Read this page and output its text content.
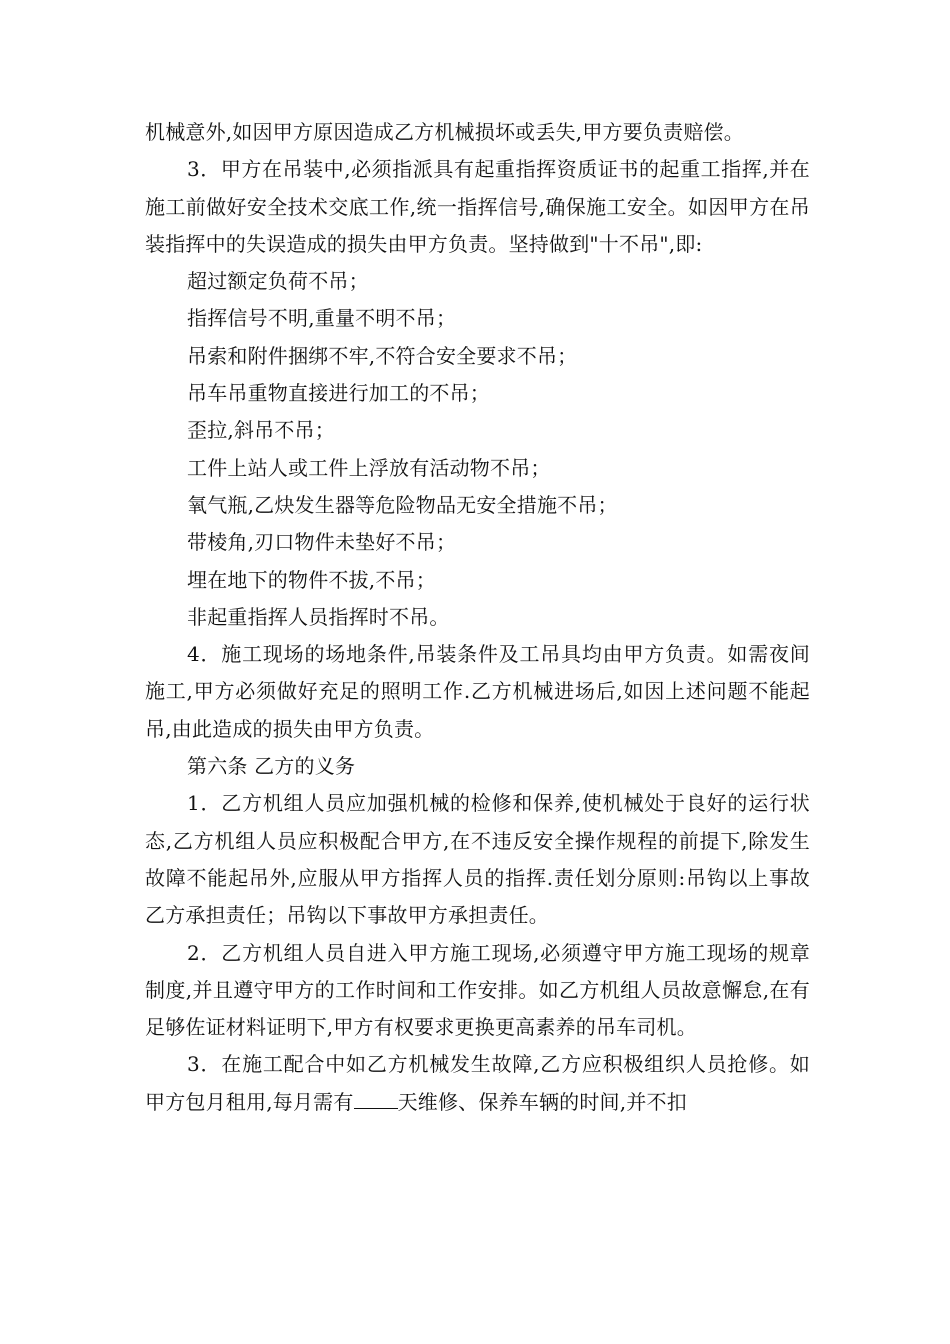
机械意外,如因甲方原因造成乙方机械损坏或丢失,甲方要负责赔偿。

3．甲方在吊装中,必须指派具有起重指挥资质证书的起重工指挥,并在施工前做好安全技术交底工作,统一指挥信号,确保施工安全。如因甲方在吊装指挥中的失误造成的损失由甲方负责。坚持做到"十不吊",即:

超过额定负荷不吊；

指挥信号不明,重量不明不吊；

吊索和附件捆绑不牢,不符合安全要求不吊；

吊车吊重物直接进行加工的不吊；

歪拉,斜吊不吊；

工件上站人或工件上浮放有活动物不吊；

氧气瓶,乙炔发生器等危险物品无安全措施不吊；

带棱角,刃口物件未垫好不吊；

埋在地下的物件不拔,不吊；

非起重指挥人员指挥时不吊。

4．施工现场的场地条件,吊装条件及工吊具均由甲方负责。如需夜间施工,甲方必须做好充足的照明工作.乙方机械进场后,如因上述问题不能起吊,由此造成的损失由甲方负责。

第六条 乙方的义务

1．乙方机组人员应加强机械的检修和保养,使机械处于良好的运行状态,乙方机组人员应积极配合甲方,在不违反安全操作规程的前提下,除发生故障不能起吊外,应服从甲方指挥人员的指挥.责任划分原则:吊钩以上事故乙方承担责任；吊钩以下事故甲方承担责任。

2．乙方机组人员自进入甲方施工现场,必须遵守甲方施工现场的规章制度,并且遵守甲方的工作时间和工作安排。如乙方机组人员故意懈怠,在有足够佐证材料证明下,甲方有权要求更换更高素养的吊车司机。

3．在施工配合中如乙方机械发生故障,乙方应积极组织人员抢修。如甲方包月租用,每月需有 天维修、保养车辆的时间,并不扣
